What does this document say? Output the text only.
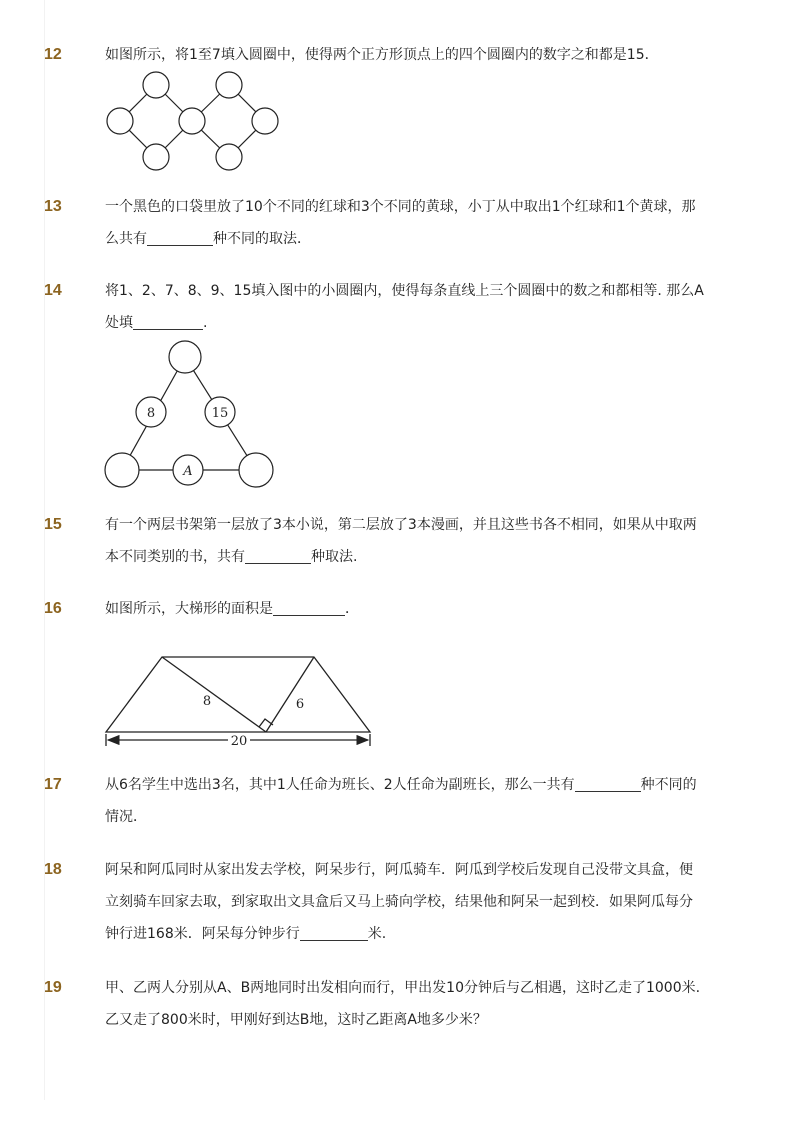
12	如图所示，将1至7填入圆圈中，使得两个正方形顶点上的四个圆圈内的数字之和都是15．
13	一个黑色的口袋里放了10个不同的红球和3个不同的黄球，小丁从中取出1个红球和1个黄球，那
么共有	种不同的取法．
14	将1、2、7、8、9、15填入图中的小圆圈内，使得每条直线上三个圆圈中的数之和都相等. 那么A
处填	.
8	15
A
15	有一个两层书架第一层放了3本小说，第二层放了3本漫画，并且这些书各不相同，如果从中取两
本不同类别的书，共有	种取法.
16	如图所示，大梯形的面积是	．
8	6
20
17	从6名学生中选出3名，其中1人任命为班长、2人任命为副班长，那么一共有	种不同的
情况．
18	阿呆和阿瓜同时从家出发去学校，阿呆步行，阿瓜骑车．阿瓜到学校后发现自己没带文具盒，便
立刻骑车回家去取，到家取出文具盒后又马上骑向学校，结果他和阿呆一起到校．如果阿瓜每分
钟行进168米．阿呆每分钟步行	米.
19	甲、乙两人分别从A、B两地同时出发相向而行，甲出发10分钟后与乙相遇，这时乙走了1000米.
乙又走了800米时，甲刚好到达B地，这时乙距离A地多少米？
